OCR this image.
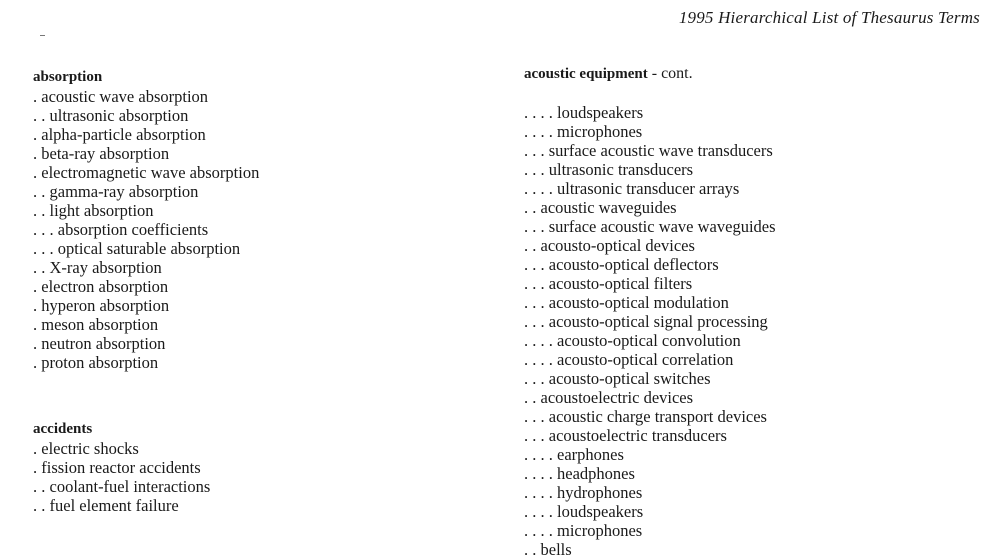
1995 Hierarchical List of Thesaurus Terms
absorption
. acoustic wave absorption
. . ultrasonic absorption
. alpha-particle absorption
. beta-ray absorption
. electromagnetic wave absorption
. . gamma-ray absorption
. . light absorption
. . . absorption coefficients
. . . optical saturable absorption
. . X-ray absorption
. electron absorption
. hyperon absorption
. meson absorption
. neutron absorption
. proton absorption
accidents
. electric shocks
. fission reactor accidents
. . coolant-fuel interactions
. . fuel element failure
acoustic equipment - cont.
. . . . loudspeakers
. . . . microphones
. . . surface acoustic wave transducers
. . . ultrasonic transducers
. . . . ultrasonic transducer arrays
. . acoustic waveguides
. . . surface acoustic wave waveguides
. . acousto-optical devices
. . . acousto-optical deflectors
. . . acousto-optical filters
. . . acousto-optical modulation
. . . acousto-optical signal processing
. . . . acousto-optical convolution
. . . . acousto-optical correlation
. . . acousto-optical switches
. . acoustoelectric devices
. . . acoustic charge transport devices
. . . acoustoelectric transducers
. . . . earphones
. . . . headphones
. . . . hydrophones
. . . . loudspeakers
. . . . microphones
. . bells
